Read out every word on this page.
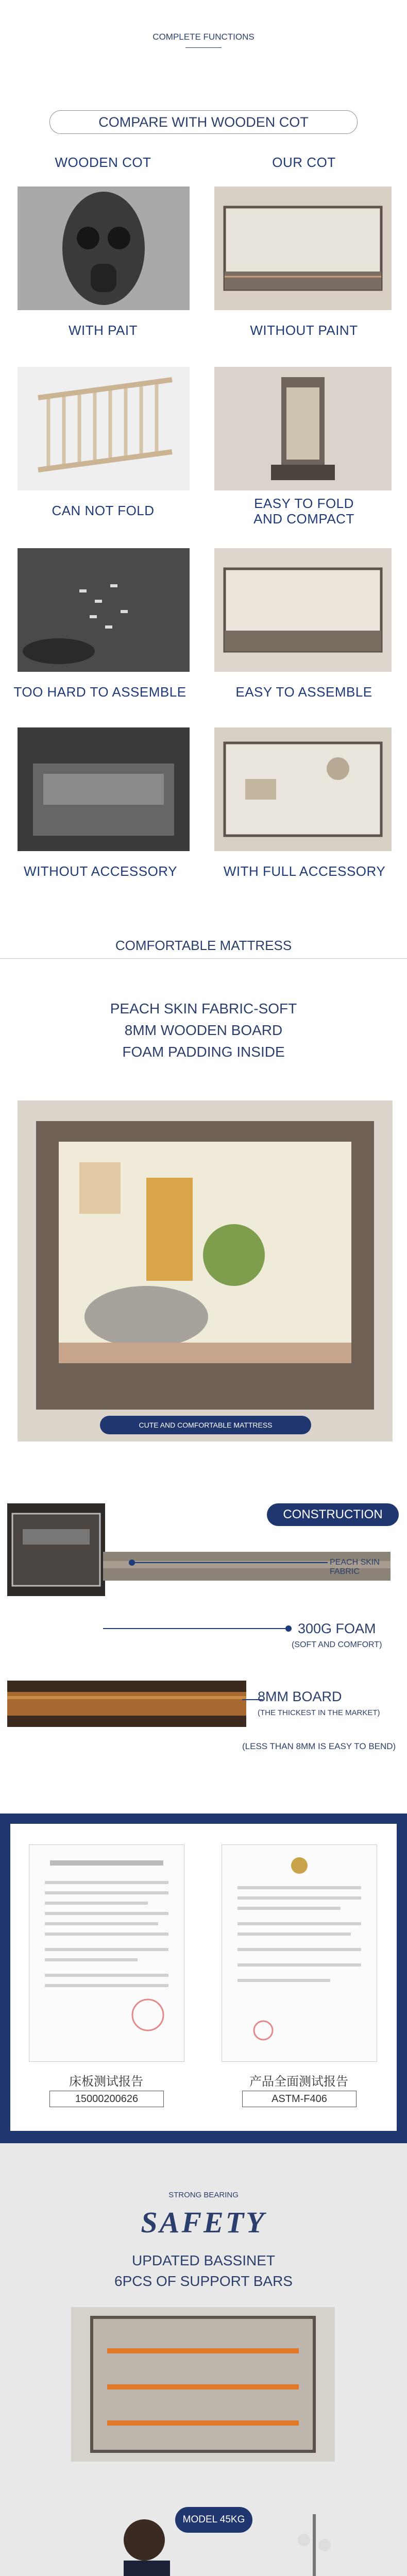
COMPLETE FUNCTIONS
COMPARE WITH WOODEN COT
WOODEN COT	OUR COT
WITH PAIT	WITHOUT PAINT
CAN NOT FOLD	EASY TO FOLD
AND COMPACT
TOO HARD TO ASSEMBLE	EASY TO ASSEMBLE
WITHOUT ACCESSORY	WITH FULL ACCESSORY
COMFORTABLE MATTRESS
PEACH SKIN FABRIC-SOFT
8MM WOODEN BOARD
FOAM PADDING INSIDE
CUTE AND COMFORTABLE MATTRESS
CONSTRUCTION
PEACH SKIN FABRIC
300G FOAM
(SOFT AND COMFORT)
8MM BOARD
(THE THICKEST IN THE MARKET)
(LESS THAN 8MM IS EASY TO BEND)
床板测试报告
15000200626
产品全面测试报告
ASTM-F406
STRONG BEARING
SAFETY
UPDATED BASSINET
6PCS OF SUPPORT BARS
MODEL 45KG
